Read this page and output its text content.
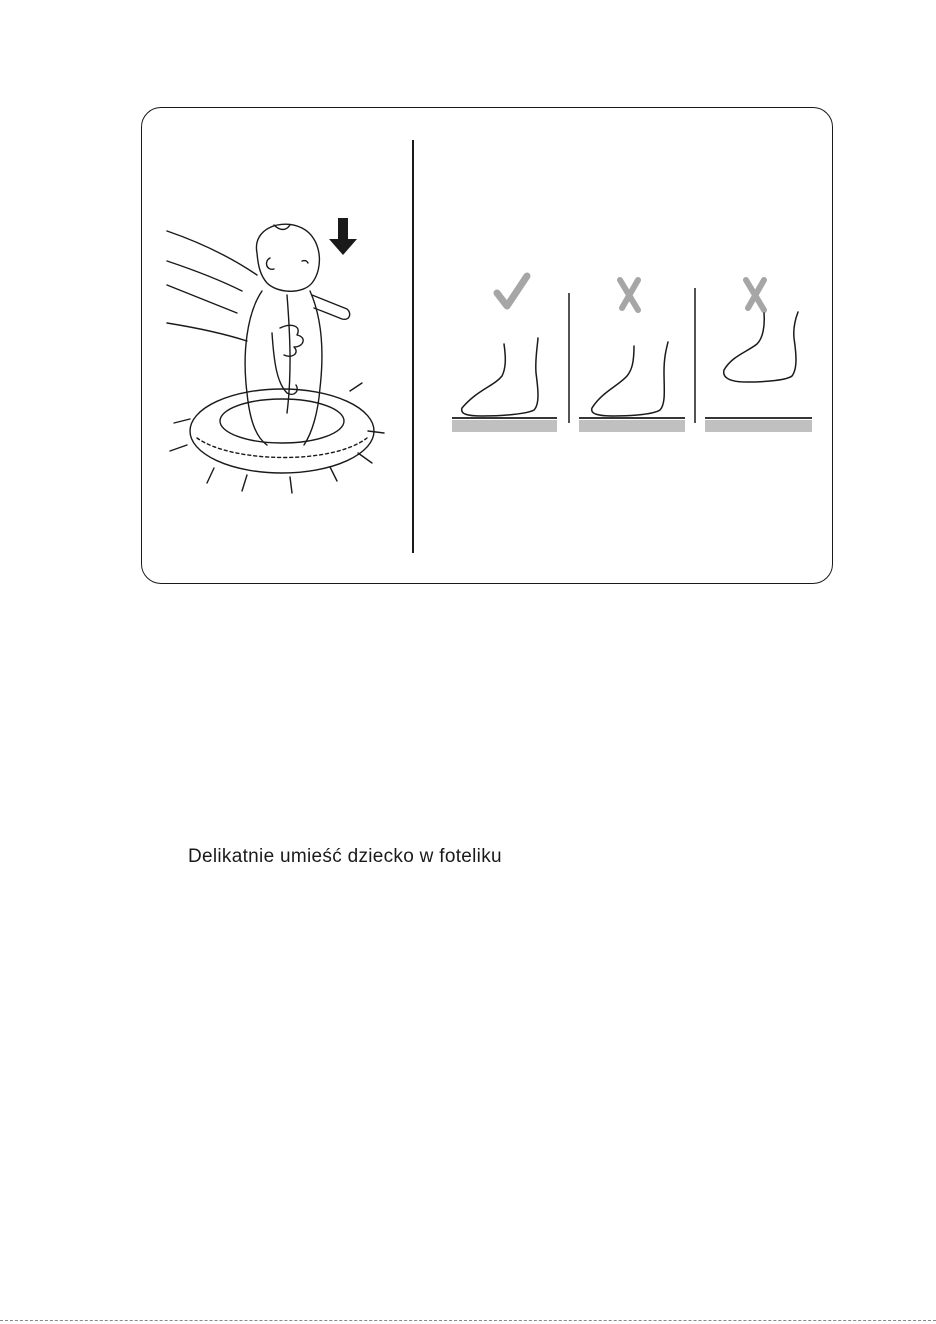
Delikatnie umieść dziecko w foteliku
